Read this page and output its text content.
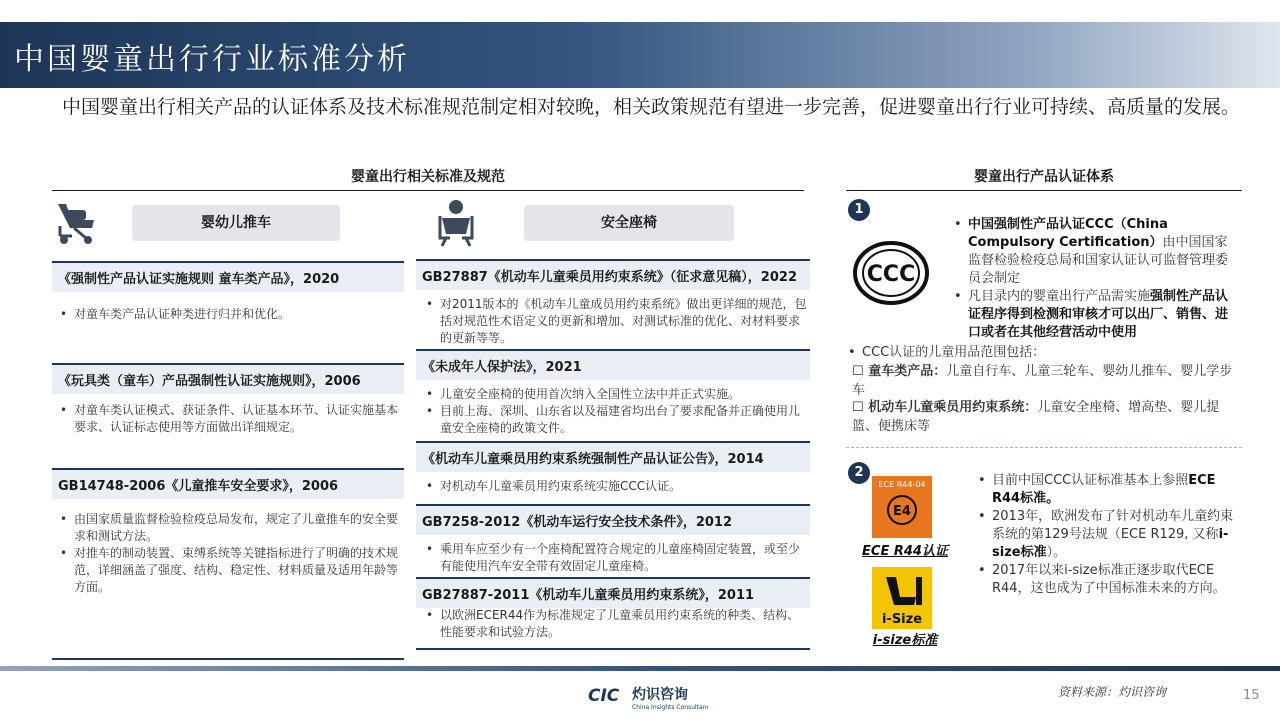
中国婴童出行行业标准分析

中国婴童出行相关产品的认证体系及技术标准规范制定相对较晚，相关政策规范有望进一步完善，促进婴童出行行业可持续、高质量的发展。

婴童出行相关标准及规范
婴幼儿推车	安全座椅
《强制性产品认证实施规则 童车类产品》，2020
• 对童车类产品认证种类进行归并和优化。
《玩具类（童车）产品强制性认证实施规则》，2006
• 对童车类认证模式、获证条件、认证基本环节、认证实施基本要求、认证标志使用等方面做出详细规定。
GB14748-2006《儿童推车安全要求》，2006
• 由国家质量监督检验检疫总局发布，规定了儿童推车的安全要求和测试方法。
• 对推车的制动装置、束缚系统等关键指标进行了明确的技术规范，详细涵盖了强度、结构、稳定性、材料质量及适用年龄等方面。
GB27887《机动车儿童乘员用约束系统》（征求意见稿），2022
• 对2011版本的《机动车儿童成员用约束系统》做出更详细的规范，包括对规范性术语定义的更新和增加、对测试标准的优化、对材料要求的更新等等。
《未成年人保护法》，2021
• 儿童安全座椅的使用首次纳入全国性立法中并正式实施。
• 目前上海、深圳、山东省以及福建省均出台了要求配备并正确使用儿童安全座椅的政策文件。
《机动车儿童乘员用约束系统强制性产品认证公告》，2014
• 对机动车儿童乘员用约束系统实施CCC认证。
GB7258-2012《机动车运行安全技术条件》，2012
• 乘用车应至少有一个座椅配置符合规定的儿童座椅固定装置，或至少有能使用汽车安全带有效固定儿童座椅。
GB27887-2011《机动车儿童乘员用约束系统》，2011
• 以欧洲ECER44作为标准规定了儿童乘员用约束系统的种类、结构、性能要求和试验方法。
婴童出行产品认证体系
1
CCC
• 中国强制性产品认证CCC（China Compulsory Certification）由中国国家监督检验检疫总局和国家认证认可监督管理委员会制定
• 凡目录内的婴童出行产品需实施强制性产品认证程序得到检测和审核才可以出厂、销售、进口或者在其他经营活动中使用
• CCC认证的儿童用品范围包括：
☐ 童车类产品：儿童自行车、儿童三轮车、婴幼儿推车、婴儿学步车
☐ 机动车儿童乘员用约束系统：儿童安全座椅、增高垫、婴儿提篮、便携床等
2
ECE R44-04
E4
ECE R44认证
i-Size
i-size标准
• 目前中国CCC认证标准基本上参照ECE R44标准。
• 2013年，欧洲发布了针对机动车儿童约束系统的第129号法规（ECE R129, 又称i-size标准）。
• 2017年以来i-size标准正逐步取代ECE R44，这也成为了中国标准未来的方向。
CIC 灼识咨询
China Insights Consultancy
资料来源：灼识咨询	15
